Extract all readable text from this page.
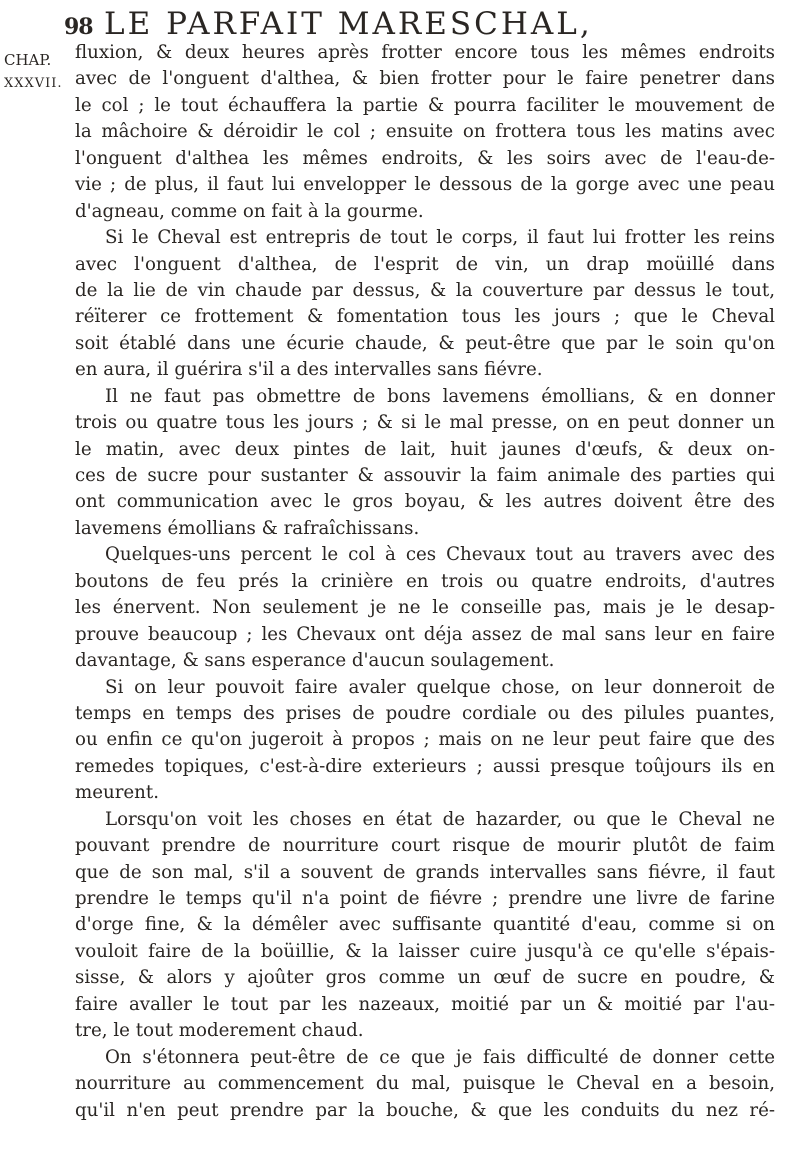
98 LE PARFAIT MARESCHAL,
CHAP.
XXXVII.
fluxion, & deux heures après frotter encore tous les mêmes endroits
avec de l'onguent d'althea, & bien frotter pour le faire penetrer dans
le col ; le tout échauffera la partie & pourra faciliter le mouvement de
la mâchoire & déroidir le col ; ensuite on frottera tous les matins avec
l'onguent d'althea les mêmes endroits, & les soirs avec de l'eau-de-
vie ; de plus, il faut lui envelopper le dessous de la gorge avec une peau
d'agneau, comme on fait à la gourme.
Si le Cheval est entrepris de tout le corps, il faut lui frotter les reins
avec l'onguent d'althea, de l'esprit de vin, un drap moüillé dans
de la lie de vin chaude par dessus, & la couverture par dessus le tout,
réïterer ce frottement & fomentation tous les jours ; que le Cheval
soit établé dans une écurie chaude, & peut-être que par le soin qu'on
en aura, il guérira s'il a des intervalles sans fiévre.
Il ne faut pas obmettre de bons lavemens émollians, & en donner
trois ou quatre tous les jours ; & si le mal presse, on en peut donner un
le matin, avec deux pintes de lait, huit jaunes d'œufs, & deux on-
ces de sucre pour sustanter & assouvir la faim animale des parties qui
ont communication avec le gros boyau, & les autres doivent être des
lavemens émollians & rafraîchissans.
Quelques-uns percent le col à ces Chevaux tout au travers avec des
boutons de feu prés la crinière en trois ou quatre endroits, d'autres
les énervent. Non seulement je ne le conseille pas, mais je le desap-
prouve beaucoup ; les Chevaux ont déja assez de mal sans leur en faire
davantage, & sans esperance d'aucun soulagement.
Si on leur pouvoit faire avaler quelque chose, on leur donneroit de
temps en temps des prises de poudre cordiale ou des pilules puantes,
ou enfin ce qu'on jugeroit à propos ; mais on ne leur peut faire que des
remedes topiques, c'est-à-dire exterieurs ; aussi presque toûjours ils en
meurent.
Lorsqu'on voit les choses en état de hazarder, ou que le Cheval ne
pouvant prendre de nourriture court risque de mourir plutôt de faim
que de son mal, s'il a souvent de grands intervalles sans fiévre, il faut
prendre le temps qu'il n'a point de fiévre ; prendre une livre de farine
d'orge fine, & la démêler avec suffisante quantité d'eau, comme si on
vouloit faire de la boüillie, & la laisser cuire jusqu'à ce qu'elle s'épais-
sisse, & alors y ajoûter gros comme un œuf de sucre en poudre, &
faire avaller le tout par les nazeaux, moitié par un & moitié par l'au-
tre, le tout moderement chaud.
On s'étonnera peut-être de ce que je fais difficulté de donner cette
nourriture au commencement du mal, puisque le Cheval en a besoin,
qu'il n'en peut prendre par la bouche, & que les conduits du nez ré-
